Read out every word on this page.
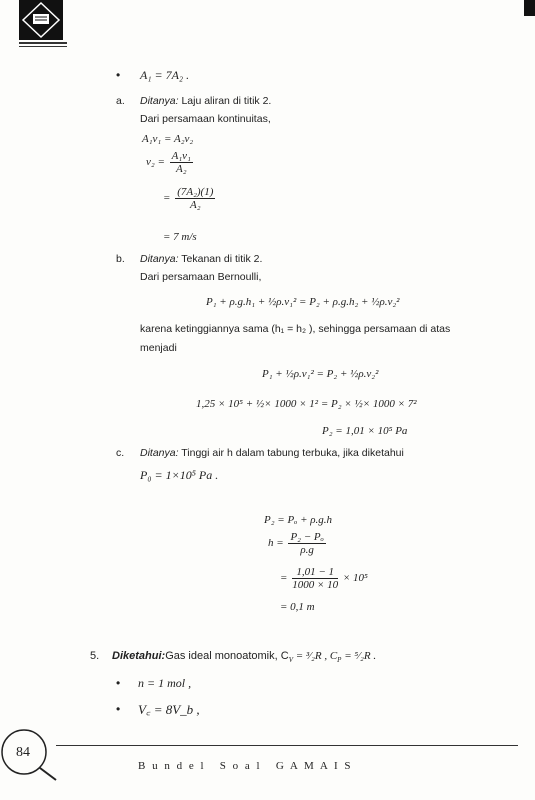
• A₁ = 7A₂ .
a. Ditanya: Laju aliran di titik 2.
Dari persamaan kontinuitas,
A₁v₁ = A₂v₂
$v_2 = \frac{\text{A₁v₁}}{\text{A₂}}$
= $\frac{\text{(7A₂)(1)}}{\text{A₂}}$
= 7 m/s
b. Ditanya: Tekanan di titik 2.
Dari persamaan Bernoulli,
P₁ + ρ.g.h₁ + ½ρ.v₁² = P₂ + ρ.g.h₂ + ½ρ.v₂²
karena ketinggiannya sama (h₁ = h₂ ), sehingga persamaan di atas
menjadi
P₁ + ½ρ.v₁² = P₂ + ½ρ.v₂²
1,25 × 10⁵ + ½× 1000 × 1² = P₂ × ½× 1000 × 7²
P₂ = 1,01 × 10⁵ Pa
c. Ditanya: Tinggi air h dalam tabung terbuka, jika diketahui
P₀ = 1×10⁵ Pa .
P₂ = Pₒ + ρ.g.h
$h = \frac{\text{P₂ − Pₒ}}{\rho.g}$
= $\frac{1,01 - 1}{1000 \times 10} \times 10^5$
= 0,1 m
5. Diketahui:Gas ideal monoatomik, $C_V$ = ³⁄₂R , $C_P$ = ⁵⁄₂R .
• n = 1 mol ,
• V꜀ = 8V_b ,
84
B u n d e l   S o a l   G A M A I S
